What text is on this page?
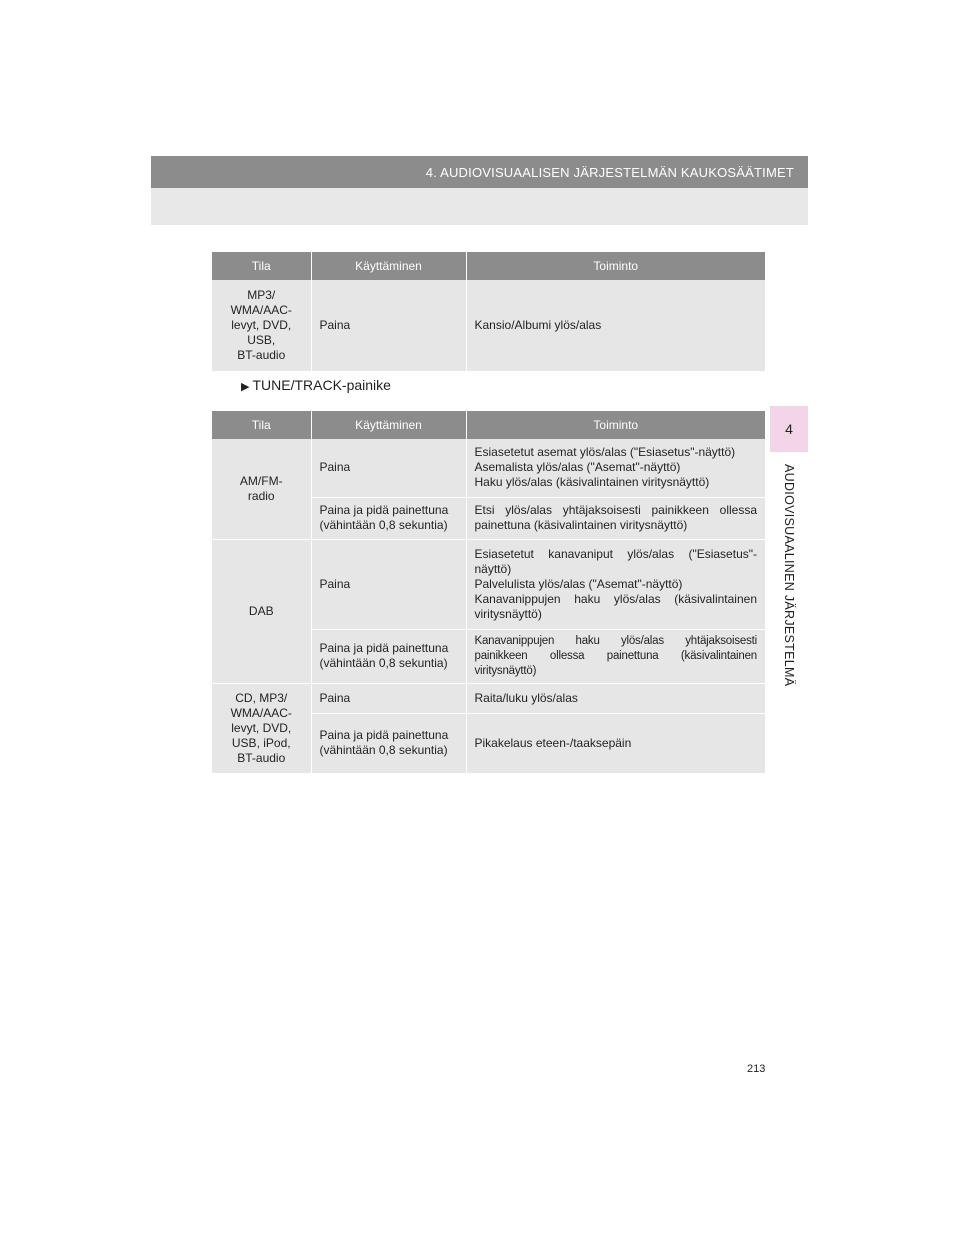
4. AUDIOVISUAALISEN JÄRJESTELMÄN KAUKOSÄÄTIMET
4
AUDIOVISUAALINEN JÄRJESTELMÄ
Tila	Käyttäminen	Toiminto

MP3/
WMA/AAC-
levyt, DVD,
USB,
BT-audio	Paina	Kansio/Albumi ylös/alas
▶ TUNE/TRACK-painike
Tila	Käyttäminen	Toiminto

AM/FM-
radio	Paina	Esiasetetut asemat ylös/alas ("Esiasetus"-näyttö)
Asemalista ylös/alas ("Asemat"-näyttö)
Haku ylös/alas (käsivalintainen viritysnäyttö)

	Paina ja pidä painettuna
(vähintään 0,8 sekuntia)	Etsi ylös/alas yhtäjaksoisesti painikkeen ollessa painettuna (käsivalintainen viritysnäyttö)

DAB	Paina	Esiasetetut kanavaniput ylös/alas ("Esiasetus"-näyttö)
Palvelulista ylös/alas ("Asemat"-näyttö)
Kanavanippujen haku ylös/alas (käsivalintainen viritysnäyttö)

	Paina ja pidä painettuna
(vähintään 0,8 sekuntia)	Kanavanippujen haku ylös/alas yhtäjaksoisesti painikkeen ollessa painettuna (käsivalintainen viritysnäyttö)

CD, MP3/
WMA/AAC-
levyt, DVD,
USB, iPod,
BT-audio	Paina	Raita/luku ylös/alas

	Paina ja pidä painettuna
(vähintään 0,8 sekuntia)	Pikakelaus eteen-/taaksepäin
213
